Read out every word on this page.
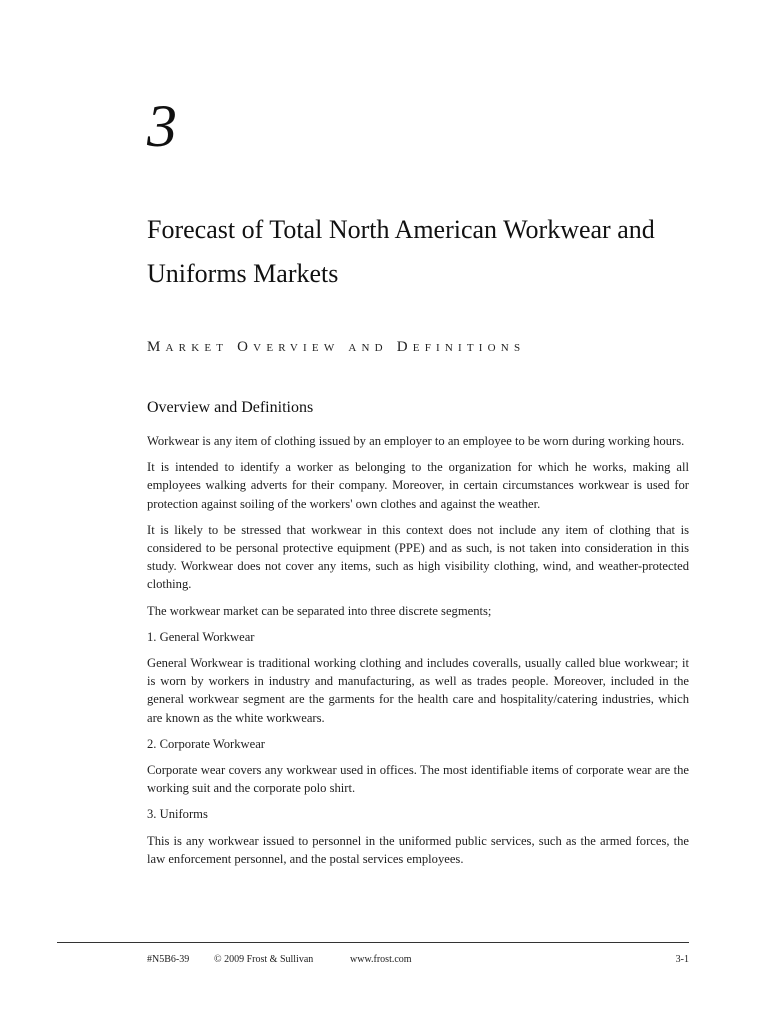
3
Forecast of Total North American Workwear and Uniforms Markets
Market Overview and Definitions
Overview and Definitions

Workwear is any item of clothing issued by an employer to an employee to be worn during working hours.

It is intended to identify a worker as belonging to the organization for which he works, making all employees walking adverts for their company. Moreover, in certain circumstances workwear is used for protection against soiling of the workers' own clothes and against the weather.

It is likely to be stressed that workwear in this context does not include any item of clothing that is considered to be personal protective equipment (PPE) and as such, is not taken into consideration in this study. Workwear does not cover any items, such as high visibility clothing, wind, and weather-protected clothing.

The workwear market can be separated into three discrete segments;

1. General Workwear

General Workwear is traditional working clothing and includes coveralls, usually called blue workwear; it is worn by workers in industry and manufacturing, as well as trades people. Moreover, included in the general workwear segment are the garments for the health care and hospitality/catering industries, which are known as the white workwears.

2. Corporate Workwear

Corporate wear covers any workwear used in offices. The most identifiable items of corporate wear are the working suit and the corporate polo shirt.

3. Uniforms

This is any workwear issued to personnel in the uniformed public services, such as the armed forces, the law enforcement personnel, and the postal services employees.

#N5B6-39 © 2009 Frost & Sullivan	www.frost.com	3-1
